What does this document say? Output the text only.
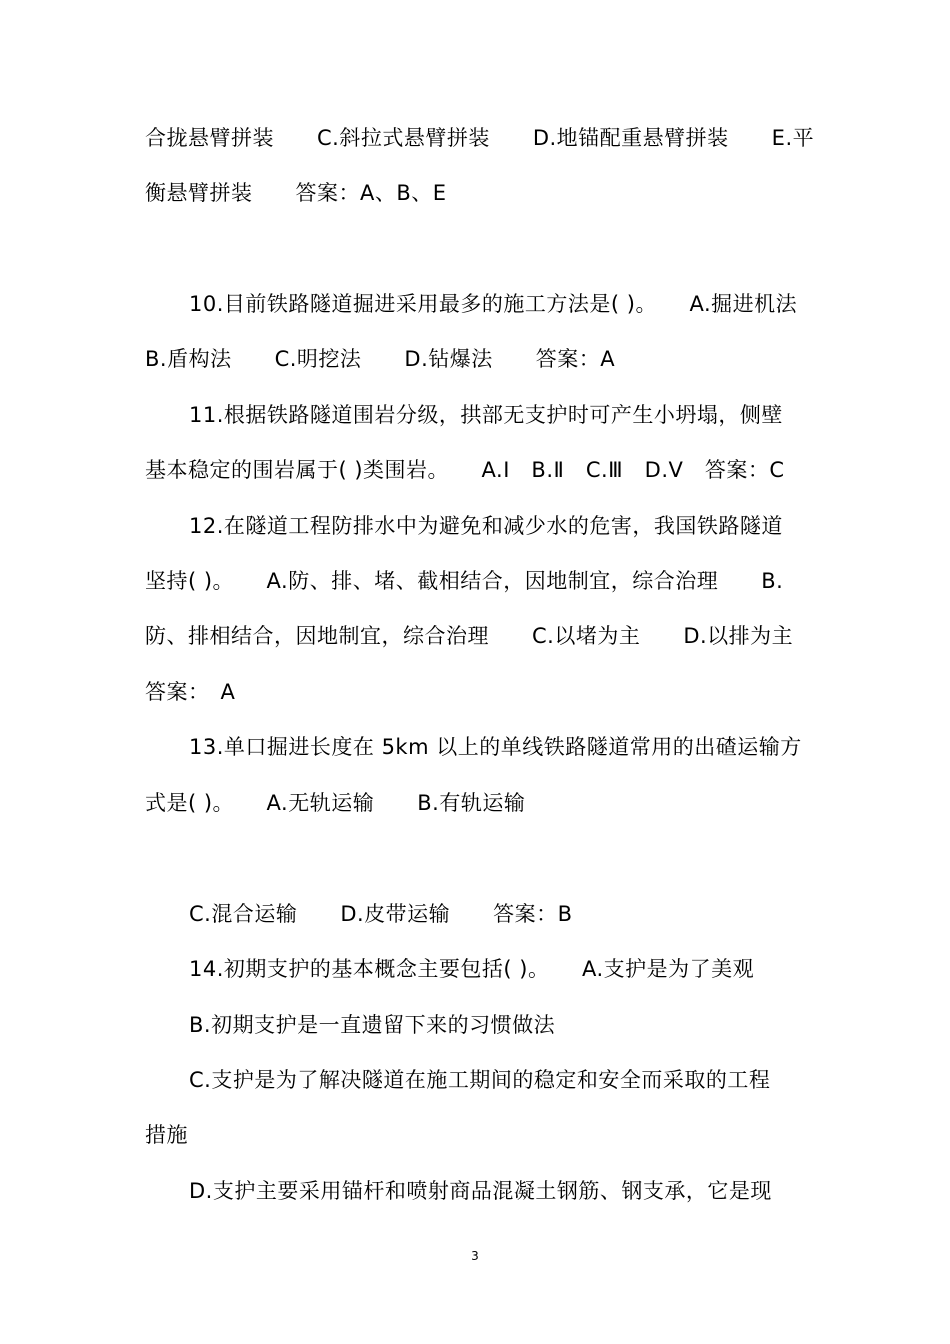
合拢悬臂拼装　　C.斜拉式悬臂拼装　　D.地锚配重悬臂拼装　　E.平
衡悬臂拼装　　答案：A、B、E
10.目前铁路隧道掘进采用最多的施工方法是( )。　　A.掘进机法
B.盾构法　　C.明挖法　　D.钻爆法　　答案：A
11.根据铁路隧道围岩分级，拱部无支护时可产生小坍塌，侧壁
基本稳定的围岩属于( )类围岩。　　A.Ⅰ　B.Ⅱ　C.Ⅲ　D.Ⅴ　答案：C
12.在隧道工程防排水中为避免和减少水的危害，我国铁路隧道
坚持( )。　　A.防、排、堵、截相结合，因地制宜，综合治理　　B.
防、排相结合，因地制宜，综合治理　　C.以堵为主　　D.以排为主
答案：　A
13.单口掘进长度在 5km 以上的单线铁路隧道常用的出碴运输方
式是( )。　　A.无轨运输　　B.有轨运输
C.混合运输　　D.皮带运输　　答案：B
14.初期支护的基本概念主要包括( )。　　A.支护是为了美观
B.初期支护是一直遗留下来的习惯做法
C.支护是为了解决隧道在施工期间的稳定和安全而采取的工程
措施
D.支护主要采用锚杆和喷射商品混凝土钢筋、钢支承，它是现
3
